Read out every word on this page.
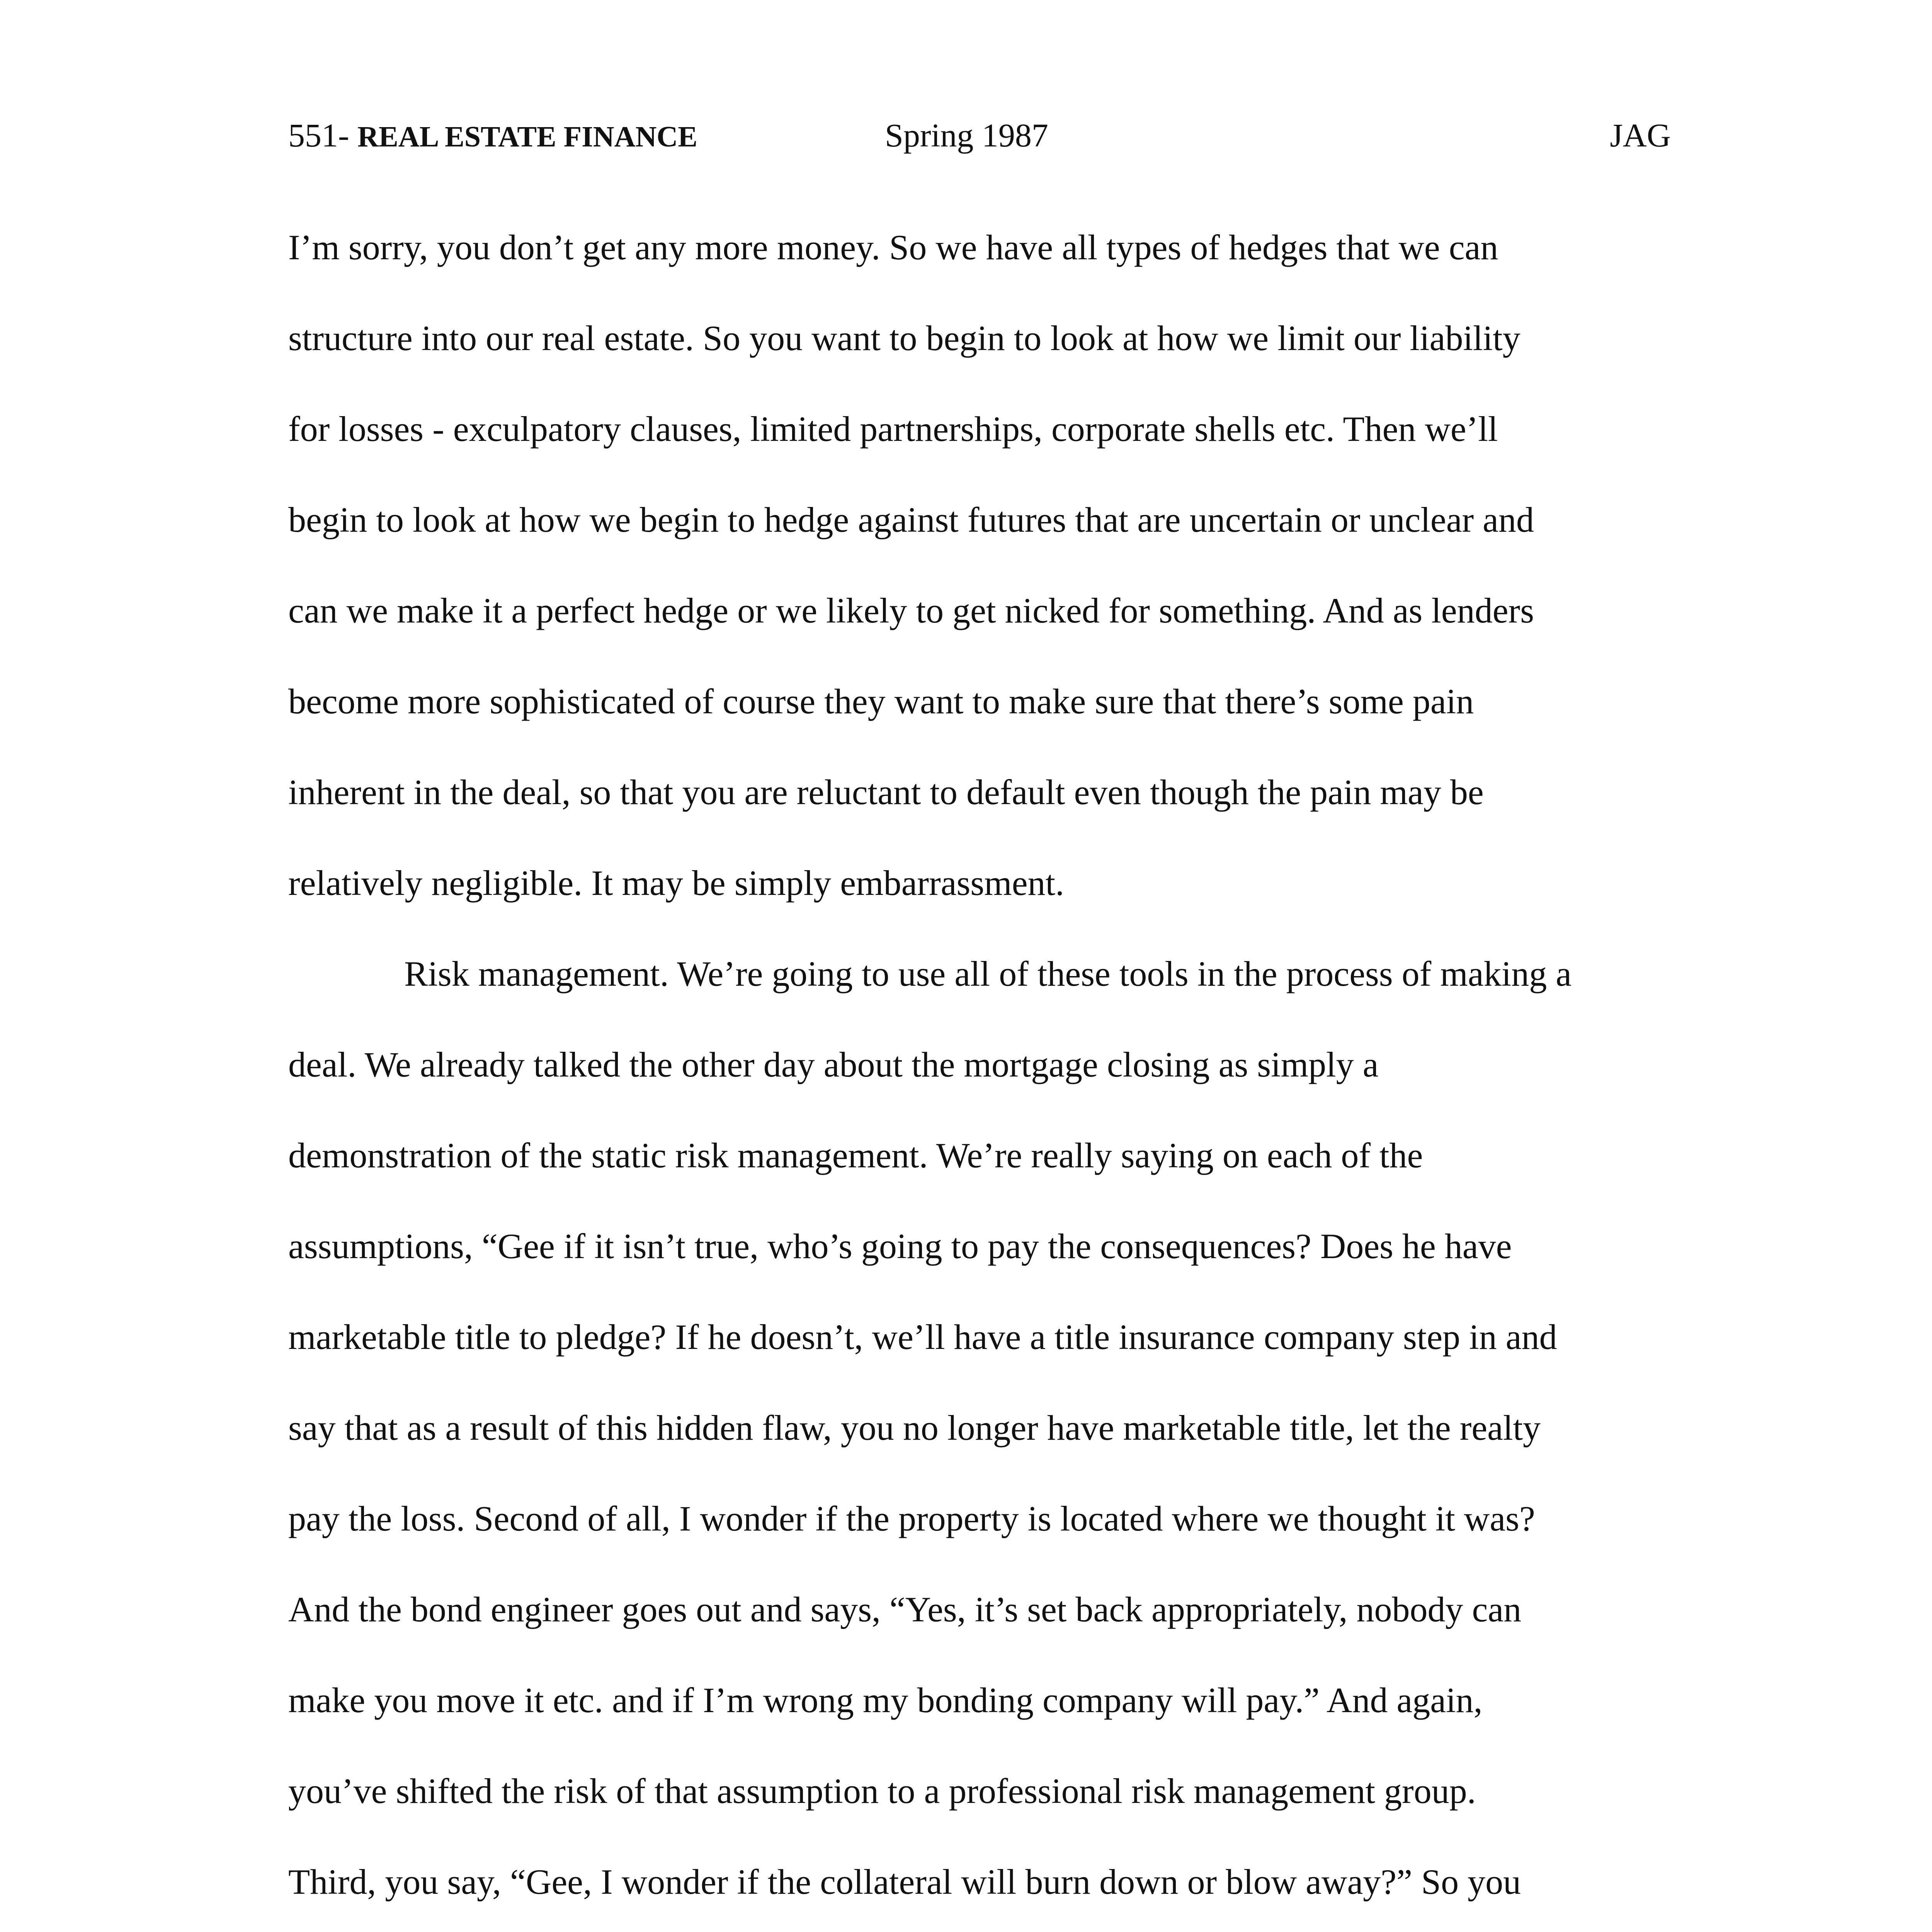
551- REAL ESTATE FINANCE	Spring 1987	JAG
I’m sorry, you don’t get any more money. So we have all types of hedges that we can
structure into our real estate. So you want to begin to look at how we limit our liability
for losses - exculpatory clauses, limited partnerships, corporate shells etc. Then we’ll
begin to look at how we begin to hedge against futures that are uncertain or unclear and
can we make it a perfect hedge or we likely to get nicked for something. And as lenders
become more sophisticated of course they want to make sure that there’s some pain
inherent in the deal, so that you are reluctant to default even though the pain may be
relatively negligible. It may be simply embarrassment.
Risk management. We’re going to use all of these tools in the process of making a
deal. We already talked the other day about the mortgage closing as simply a
demonstration of the static risk management. We’re really saying on each of the
assumptions, “Gee if it isn’t true, who’s going to pay the consequences? Does he have
marketable title to pledge? If he doesn’t, we’ll have a title insurance company step in and
say that as a result of this hidden flaw, you no longer have marketable title, let the realty
pay the loss. Second of all, I wonder if the property is located where we thought it was?
And the bond engineer goes out and says, “Yes, it’s set back appropriately, nobody can
make you move it etc. and if I’m wrong my bonding company will pay.” And again,
you’ve shifted the risk of that assumption to a professional risk management group.
Third, you say, “Gee, I wonder if the collateral will burn down or blow away?” So you
